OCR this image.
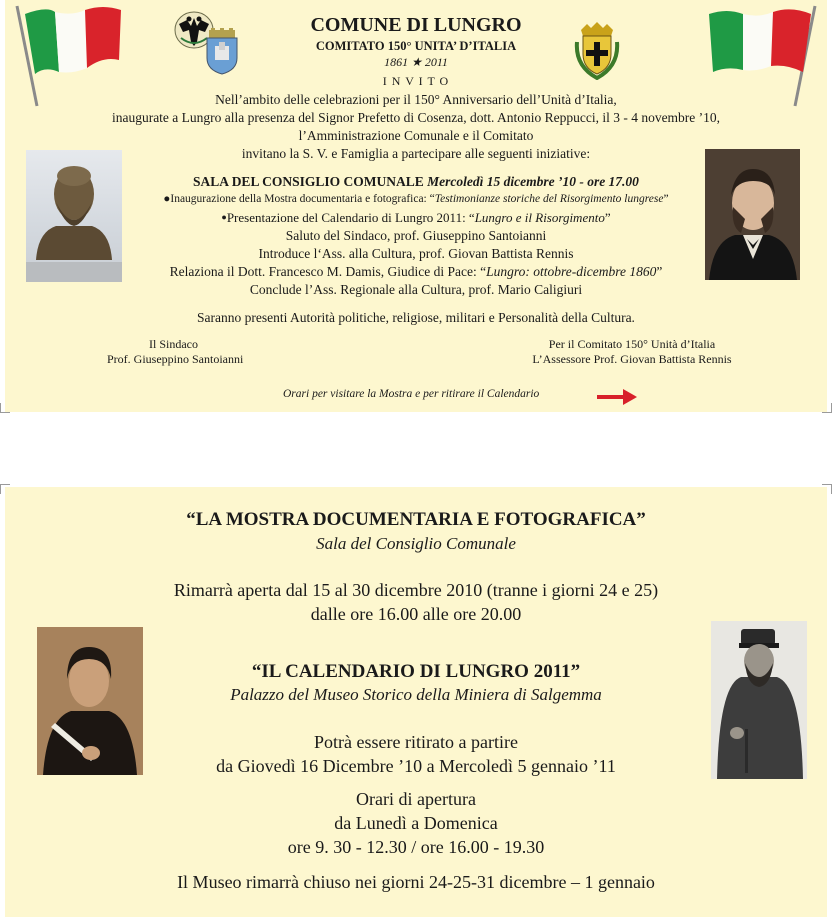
COMUNE DI LUNGRO
COMITATO 150° UNITA’ D’ITALIA
1861 ★ 2011
I N V I T O
Nell’ambito delle celebrazioni per il 150° Anniversario dell’Unità d’Italia,
inaugurate a Lungro alla presenza del Signor Prefetto di Cosenza, dott. Antonio Reppucci, il 3 - 4 novembre ’10,
l’Amministrazione Comunale e il Comitato
invitano la S. V. e Famiglia a partecipare alle seguenti iniziative:
SALA DEL CONSIGLIO COMUNALE Mercoledì 15 dicembre ’10 - ore 17.00
●Inaugurazione della Mostra documentaria e fotografica: “Testimonianze storiche del Risorgimento lungrese”
●Presentazione del Calendario di Lungro 2011: “Lungro e il Risorgimento”
Saluto del Sindaco, prof. Giuseppino Santoianni
Introduce l‘Ass. alla Cultura, prof. Giovan Battista Rennis
Relaziona il Dott. Francesco M. Damis, Giudice di Pace: “Lungro: ottobre-dicembre 1860”
Conclude l’Ass. Regionale alla Cultura, prof. Mario Caligiuri
Saranno presenti Autorità politiche, religiose, militari e Personalità della Cultura.
Il Sindaco
Prof. Giuseppino Santoianni
Per il Comitato 150° Unità d’Italia
L’Assessore Prof. Giovan Battista Rennis
Orari per visitare la Mostra e per ritirare il Calendario
“LA MOSTRA DOCUMENTARIA E FOTOGRAFICA”
Sala del Consiglio Comunale
Rimarrà aperta dal 15 al 30 dicembre 2010 (tranne i giorni 24 e 25)
dalle ore 16.00 alle ore 20.00
“IL CALENDARIO DI LUNGRO 2011”
Palazzo del Museo Storico della Miniera di Salgemma
Potrà essere ritirato a partire
da Giovedì 16 Dicembre ’10 a Mercoledì 5 gennaio ’11
Orari di apertura
da Lunedì a Domenica
ore 9. 30 - 12.30 / ore 16.00 - 19.30
Il Museo rimarrà chiuso nei giorni 24-25-31 dicembre – 1 gennaio
